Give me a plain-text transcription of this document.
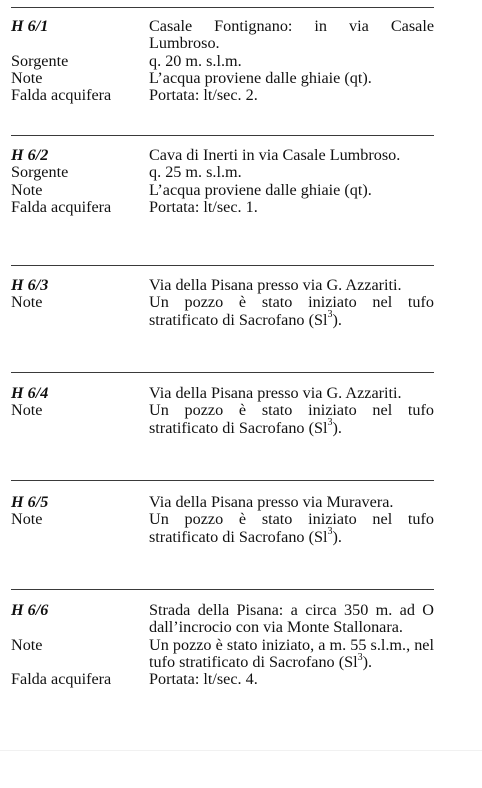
H 6/1	Casale Fontignano: in via Casale Lumbroso.
Sorgente	q. 20 m. s.l.m.
Note	L’acqua proviene dalle ghiaie (qt).
Falda acquifera	Portata: lt/sec. 2.
H 6/2	Cava di Inerti in via Casale Lumbroso.
Sorgente	q. 25 m. s.l.m.
Note	L’acqua proviene dalle ghiaie (qt).
Falda acquifera	Portata: lt/sec. 1.
H 6/3	Via della Pisana presso via G. Azzariti.
Note	Un pozzo è stato iniziato nel tufo stratificato di Sacrofano (Sl$^3$).
H 6/4	Via della Pisana presso via G. Azzariti.
Note	Un pozzo è stato iniziato nel tufo stratificato di Sacrofano (Sl$^3$).
H 6/5	Via della Pisana presso via Muravera.
Note	Un pozzo è stato iniziato nel tufo stratificato di Sacrofano (Sl$^3$).
H 6/6	Strada della Pisana: a circa 350 m. ad O dall’incrocio con via Monte Stallonara.
Note	Un pozzo è stato iniziato, a m. 55 s.l.m., nel tufo stratificato di Sacrofano (Sl$^3$).
Falda acquifera	Portata: lt/sec. 4.
